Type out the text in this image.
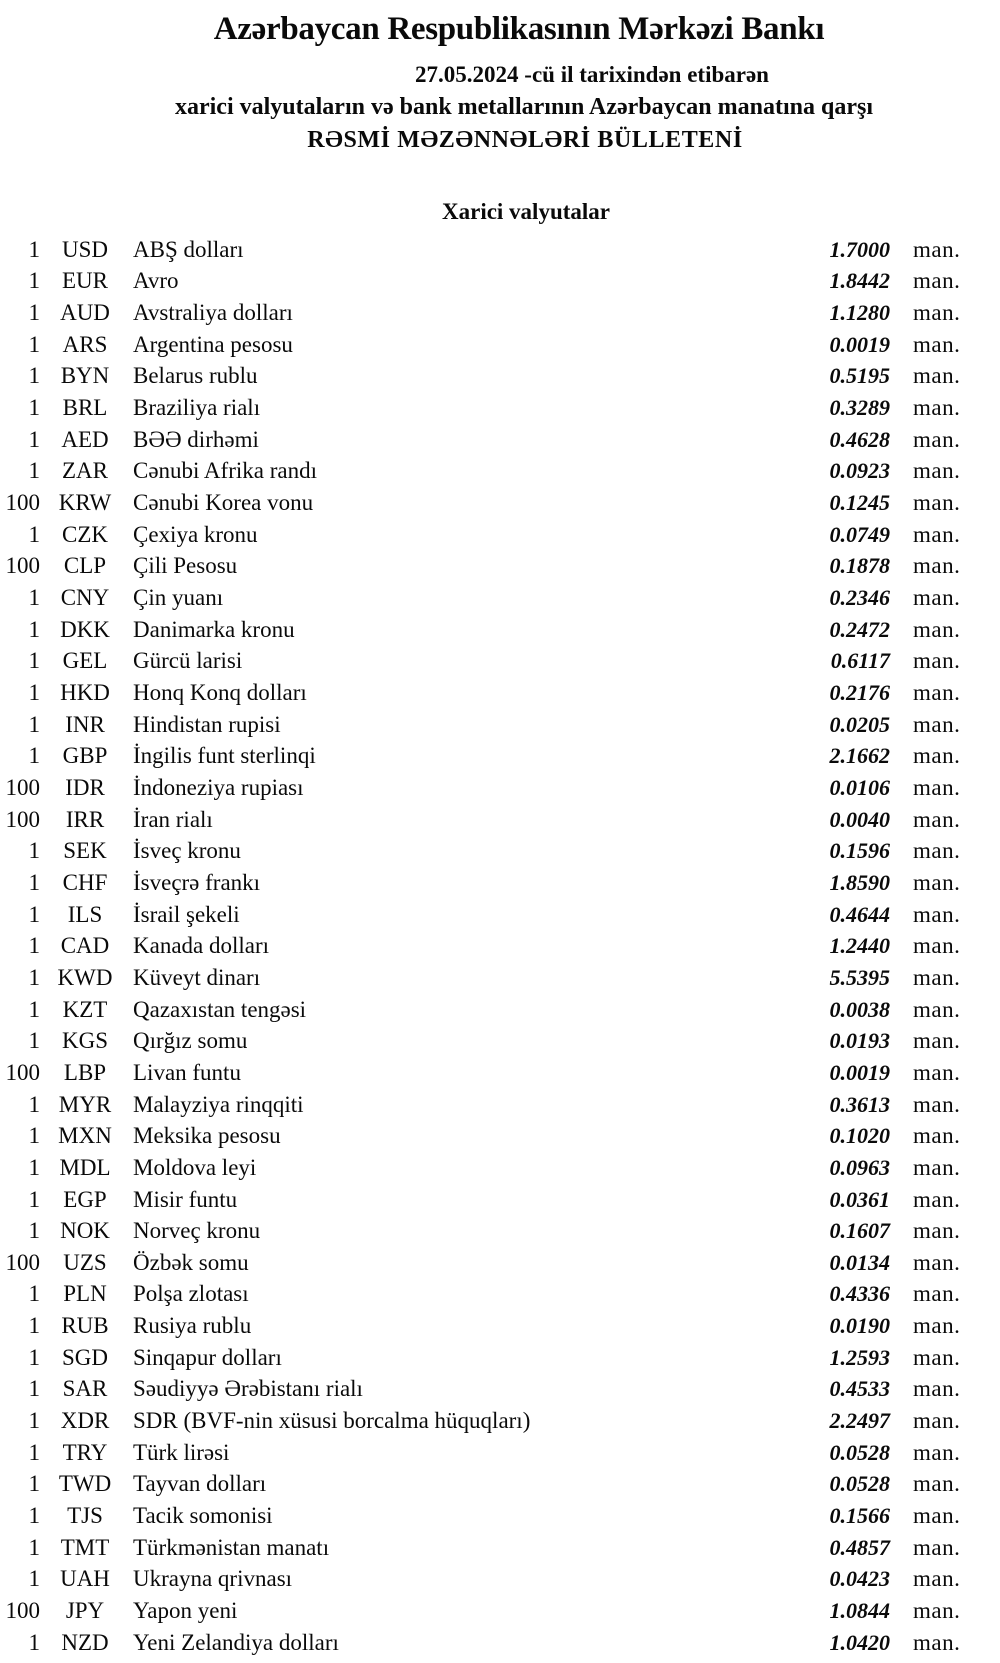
Azərbaycan Respublikasının Mərkəzi Bankı
27.05.2024 -cü il tarixindən etibarən
xarici valyutaların və bank metallarının Azərbaycan manatına qarşı
RƏSMİ MƏZƏNNƏLƏRİ BÜLLETENİ
Xarici valyutalar
1 USD	ABŞ dolları	1.7000	man.
1 EUR	Avro	1.8442	man.
1 AUD	Avstraliya dolları	1.1280	man.
1 ARS	Argentina pesosu	0.0019	man.
1 BYN	Belarus rublu	0.5195	man.
1 BRL	Braziliya rialı	0.3289	man.
1 AED	BƏƏ dirhəmi	0.4628	man.
1 ZAR	Cənubi Afrika randı	0.0923	man.
100 KRW Cənubi Korea vonu	0.1245	man.
1 CZK	Çexiya kronu	0.0749	man.
100	CLP	Çili Pesosu	0.1878	man.
1 CNY	Çin yuanı	0.2346	man.
1 DKK	Danimarka kronu	0.2472	man.
1 GEL	Gürcü larisi	0.6117	man.
1 HKD	Honq Konq dolları	0.2176	man.
1	INR	Hindistan rupisi	0.0205	man.
1 GBP	İngilis funt sterlinqi	2.1662	man.
100	IDR	İndoneziya rupiası	0.0106	man.
100	IRR	İran rialı	0.0040	man.
1	SEK	İsveç kronu	0.1596	man.
1 CHF	İsveçrə frankı	1.8590	man.
1	ILS	İsrail şekeli	0.4644	man.
1 CAD	Kanada dolları	1.2440	man.
1 KWD Küveyt dinarı	5.5395	man.
1 KZT	Qazaxıstan tengəsi	0.0038	man.
1 KGS	Qırğız somu	0.0193	man.
100	LBP	Livan funtu	0.0019	man.
1 MYR Malayziya rinqqiti	0.3613	man.
1 MXN Meksika pesosu	0.1020	man.
1 MDL Moldova leyi	0.0963	man.
1	EGP	Misir funtu	0.0361	man.
1 NOK	Norveç kronu	0.1607	man.
100	UZS	Özbək somu	0.0134	man.
1	PLN	Polşa zlotası	0.4336	man.
1 RUB	Rusiya rublu	0.0190	man.
1 SGD	Sinqapur dolları	1.2593	man.
1 SAR	Səudiyyə Ərəbistanı rialı	0.4533	man.
1 XDR	SDR (BVF-nin xüsusi borcalma hüquqları)	2.2497	man.
1 TRY	Türk lirəsi	0.0528	man.
1 TWD Tayvan dolları	0.0528	man.
1	TJS	Tacik somonisi	0.1566	man.
1 TMT	Türkmənistan manatı	0.4857	man.
1 UAH	Ukrayna qrivnası	0.0423	man.
100	JPY	Yapon yeni	1.0844	man.
1 NZD	Yeni Zelandiya dolları	1.0420	man.
